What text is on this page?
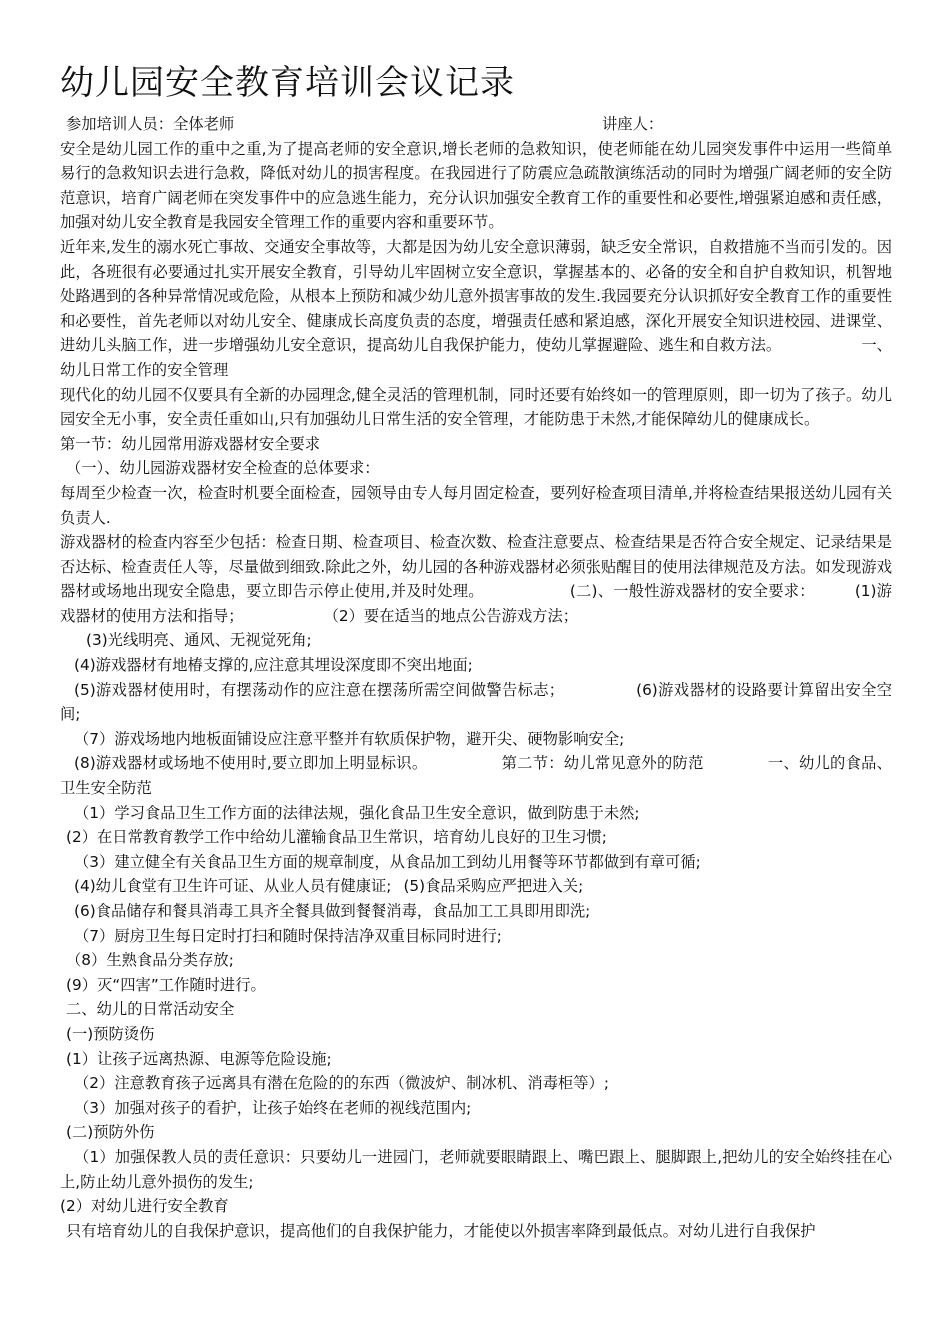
幼儿园安全教育培训会议记录
参加培训人员：全体老师	讲座人：

安全是幼儿园工作的重中之重,为了提高老师的安全意识,增长老师的急救知识，使老师能在幼儿园突发事件中运用一些简单易行的急救知识去进行急救，降低对幼儿的损害程度。在我园进行了防震应急疏散演练活动的同时为增强广阔老师的安全防范意识，培育广阔老师在突发事件中的应急逃生能力，充分认识加强安全教育工作的重要性和必要性,增强紧迫感和责任感，加强对幼儿安全教育是我园安全管理工作的重要内容和重要环节。

近年来,发生的溺水死亡事故、交通安全事故等，大都是因为幼儿安全意识薄弱，缺乏安全常识，自救措施不当而引发的。因此，各班很有必要通过扎实开展安全教育，引导幼儿牢固树立安全意识，掌握基本的、必备的安全和自护自救知识，机智地处路遇到的各种异常情况或危险，从根本上预防和减少幼儿意外损害事故的发生.我园要充分认识抓好安全教育工作的重要性和必要性，首先老师以对幼儿安全、健康成长高度负责的态度，增强责任感和紧迫感，深化开展安全知识进校园、进课堂、进幼儿头脑工作，进一步增强幼儿安全意识，提高幼儿自我保护能力，使幼儿掌握避险、逃生和自救方法。	一、幼儿日常工作的安全管理

现代化的幼儿园不仅要具有全新的办园理念,健全灵活的管理机制，同时还要有始终如一的管理原则，即一切为了孩子。幼儿园安全无小事，安全责任重如山,只有加强幼儿日常生活的安全管理，才能防患于未然,才能保障幼儿的健康成长。

第一节：幼儿园常用游戏器材安全要求

（一）、幼儿园游戏器材安全检查的总体要求：

每周至少检查一次，检查时机要全面检查，园领导由专人每月固定检查，要列好检查项目清单,并将检查结果报送幼儿园有关负责人.

游戏器材的检查内容至少包括：检查日期、检查项目、检查次数、检查注意要点、检查结果是否符合安全规定、记录结果是否达标、检查责任人等，尽量做到细致.除此之外，幼儿园的各种游戏器材必须张贴醒目的使用法律规范及方法。如发现游戏器材或场地出现安全隐患，要立即告示停止使用,并及时处理。	(二)、一般性游戏器材的安全要求：	(1)游戏器材的使用方法和指导；	（2）要在适当的地点公告游戏方法；

(3)光线明亮、通风、无视觉死角;

(4)游戏器材有地椿支撑的,应注意其埋设深度即不突出地面;

(5)游戏器材使用时，有摆荡动作的应注意在摆荡所需空间做警告标志；	(6)游戏器材的设路要计算留出安全空间;

（7）游戏场地内地板面铺设应注意平整并有软质保护物，避开尖、硬物影响安全;

(8)游戏器材或场地不使用时,要立即加上明显标识。	第二节：幼儿常见意外的防范	一、幼儿的食品、卫生安全防范

（1）学习食品卫生工作方面的法律法规，强化食品卫生安全意识，做到防患于未然;

(2）在日常教育教学工作中给幼儿灌输食品卫生常识，培育幼儿良好的卫生习惯;

（3）建立健全有关食品卫生方面的规章制度，从食品加工到幼儿用餐等环节都做到有章可循;

(4)幼儿食堂有卫生许可证、从业人员有健康证; (5)食品采购应严把进入关;

(6)食品储存和餐具消毒工具齐全餐具做到餐餐消毒，食品加工工具即用即洗;

（7）厨房卫生每日定时打扫和随时保持洁净双重目标同时进行;

（8）生熟食品分类存放;

(9）灭“四害”工作随时进行。

二、幼儿的日常活动安全

(一)预防烫伤

(1）让孩子远离热源、电源等危险设施;

（2）注意教育孩子远离具有潜在危险的的东西（微波炉、制冰机、消毒柜等）;

（3）加强对孩子的看护，让孩子始终在老师的视线范围内;

(二)预防外伤

（1）加强保教人员的责任意识：只要幼儿一进园门，老师就要眼睛跟上、嘴巴跟上、腿脚跟上,把幼儿的安全始终挂在心上,防止幼儿意外损伤的发生;

(2）对幼儿进行安全教育

只有培育幼儿的自我保护意识，提高他们的自我保护能力，才能使以外损害率降到最低点。对幼儿进行自我保护
